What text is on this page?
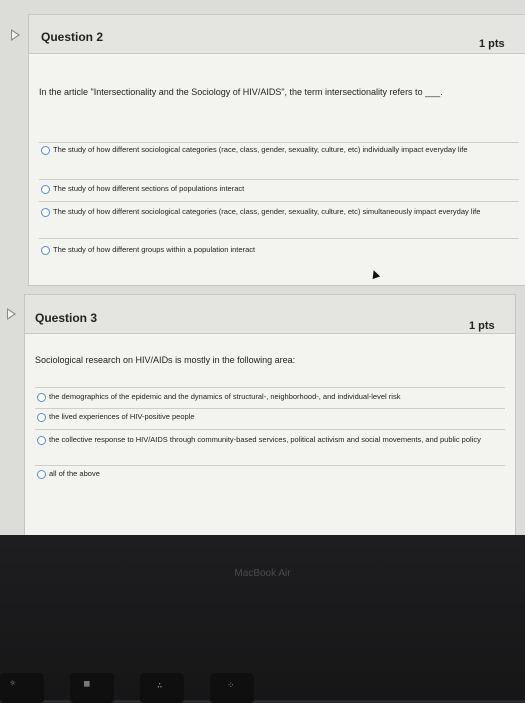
Question 2	1 pts
In the article "Intersectionality and the Sociology of HIV/AIDS", the term intersectionality refers to ___.
The study of how different sociological categories (race, class, gender, sexuality, culture, etc) individually impact everyday life
The study of how different sections of populations interact
The study of how different sociological categories (race, class, gender, sexuality, culture, etc) simultaneously impact everyday life
The study of how different groups within a population interact
Question 3
1 pts
Sociological research on HIV/AIDs is mostly in the following area:
the demographics of the epidemic and the dynamics of structural-, neighborhood-, and individual-level risk
the lived experiences of HIV-positive people
the collective response to HIV/AIDS through community-based services, political activism and social movements, and public policy
all of the above
MacBook Air
☼	▦	∴	⁘
